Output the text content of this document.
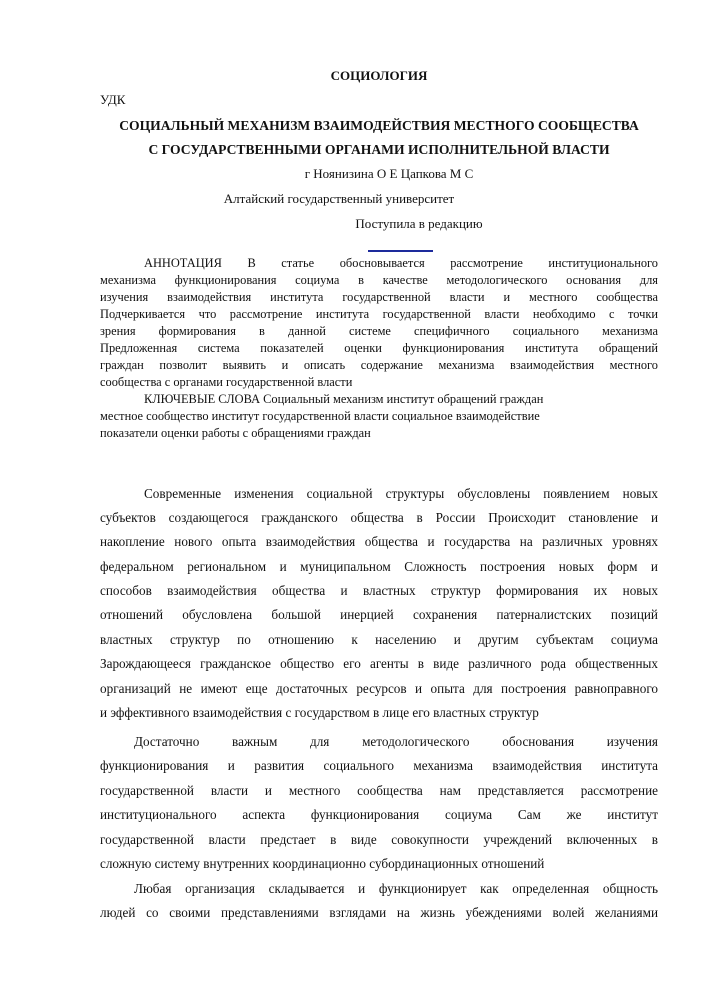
СОЦИОЛОГИЯ
УДК
СОЦИАЛЬНЫЙ МЕХАНИЗМ ВЗАИМОДЕЙСТВИЯ МЕСТНОГО СООБЩЕСТВА
С ГОСУДАРСТВЕННЫМИ ОРГАНАМИ ИСПОЛНИТЕЛЬНОЙ ВЛАСТИ
г Ноянизина О Е Цапкова М С
Алтайский государственный университет
Поступила в редакцию
АННОТАЦИЯ В статье обосновывается рассмотрение институционального
механизма функционирования социума в качестве методологического основания для
изучения взаимодействия института государственной власти и местного сообщества
Подчеркивается что рассмотрение института государственной власти необходимо с точки
зрения формирования в данной системе специфичного социального механизма
Предложенная система показателей оценки функционирования института обращений
граждан позволит выявить и описать содержание механизма взаимодействия местного
сообщества с органами государственной власти
КЛЮЧЕВЫЕ СЛОВА Социальный механизм институт обращений граждан
местное сообщество институт государственной власти социальное взаимодействие
показатели оценки работы с обращениями граждан
Современные изменения социальной структуры обусловлены появлением новых
субъектов создающегося гражданского общества в России Происходит становление и
накопление нового опыта взаимодействия общества и государства на различных уровнях
федеральном региональном и муниципальном Сложность построения новых форм и
способов взаимодействия общества и властных структур формирования их новых
отношений обусловлена большой инерцией сохранения патерналистских позиций
властных структур по отношению к населению и другим субъектам социума
Зарождающееся гражданское общество его агенты в виде различного рода общественных
организаций не имеют еще достаточных ресурсов и опыта для построения равноправного
и эффективного взаимодействия с государством в лице его властных структур
Достаточно важным для методологического обоснования изучения
функционирования и развития социального механизма взаимодействия института
государственной власти и местного сообщества нам представляется рассмотрение
институционального аспекта функционирования социума Сам же институт
государственной власти предстает в виде совокупности учреждений включенных в
сложную систему внутренних координационно субординационных отношений
Любая организация складывается и функционирует как определенная общность
людей со своими представлениями взглядами на жизнь убеждениями волей желаниями
